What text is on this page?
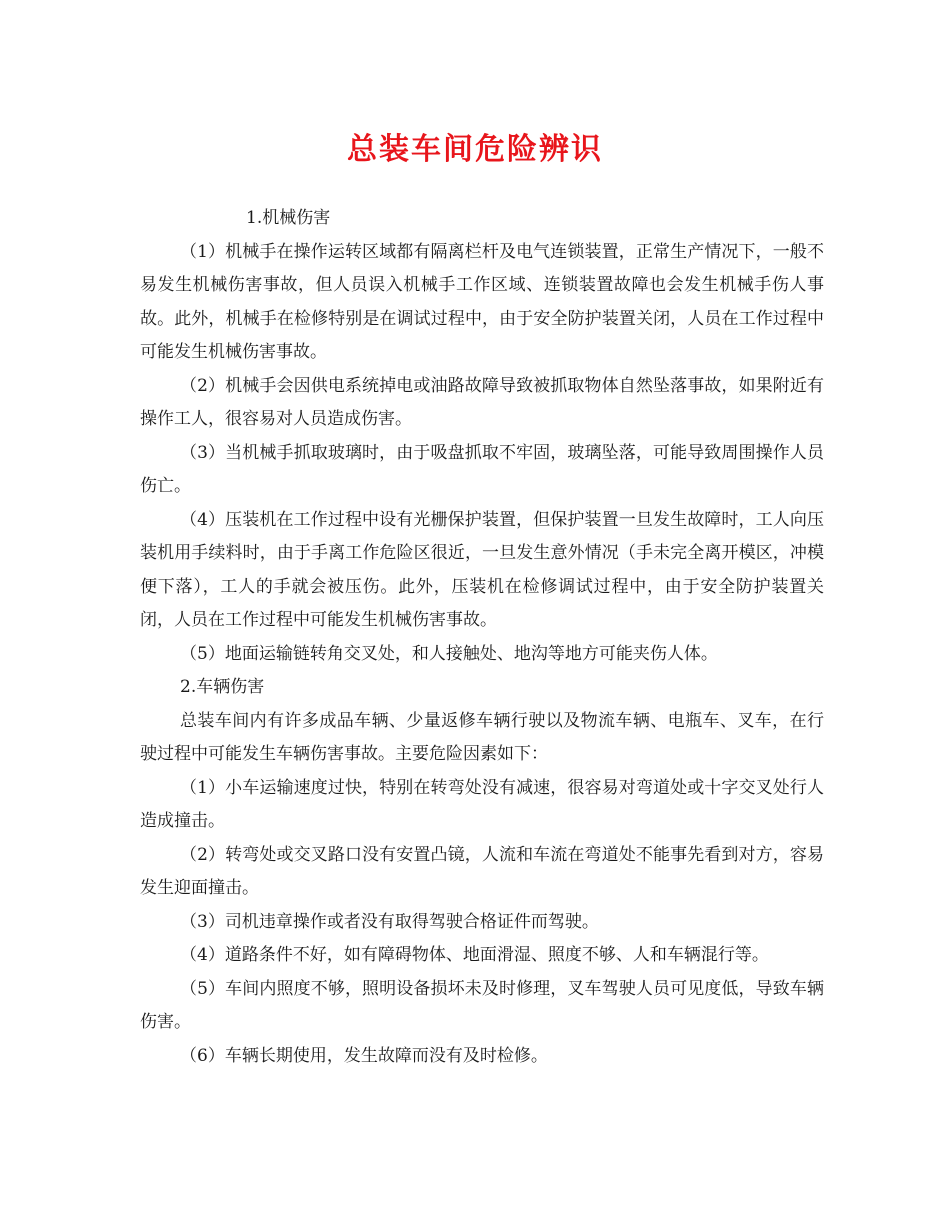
总装车间危险辨识

1.机械伤害

（1）机械手在操作运转区域都有隔离栏杆及电气连锁装置，正常生产情况下，一般不易发生机械伤害事故，但人员误入机械手工作区域、连锁装置故障也会发生机械手伤人事故。此外，机械手在检修特别是在调试过程中，由于安全防护装置关闭，人员在工作过程中可能发生机械伤害事故。

（2）机械手会因供电系统掉电或油路故障导致被抓取物体自然坠落事故，如果附近有操作工人，很容易对人员造成伤害。

（3）当机械手抓取玻璃时，由于吸盘抓取不牢固，玻璃坠落，可能导致周围操作人员伤亡。

（4）压装机在工作过程中设有光栅保护装置，但保护装置一旦发生故障时，工人向压装机用手续料时，由于手离工作危险区很近，一旦发生意外情况（手未完全离开模区，冲模便下落），工人的手就会被压伤。此外，压装机在检修调试过程中，由于安全防护装置关闭，人员在工作过程中可能发生机械伤害事故。

（5）地面运输链转角交叉处，和人接触处、地沟等地方可能夹伤人体。

2.车辆伤害

总装车间内有许多成品车辆、少量返修车辆行驶以及物流车辆、电瓶车、叉车，在行驶过程中可能发生车辆伤害事故。主要危险因素如下：

（1）小车运输速度过快，特别在转弯处没有减速，很容易对弯道处或十字交叉处行人造成撞击。

（2）转弯处或交叉路口没有安置凸镜，人流和车流在弯道处不能事先看到对方，容易发生迎面撞击。

（3）司机违章操作或者没有取得驾驶合格证件而驾驶。

（4）道路条件不好，如有障碍物体、地面滑湿、照度不够、人和车辆混行等。

（5）车间内照度不够，照明设备损坏未及时修理，叉车驾驶人员可见度低，导致车辆伤害。

（6）车辆长期使用，发生故障而没有及时检修。
